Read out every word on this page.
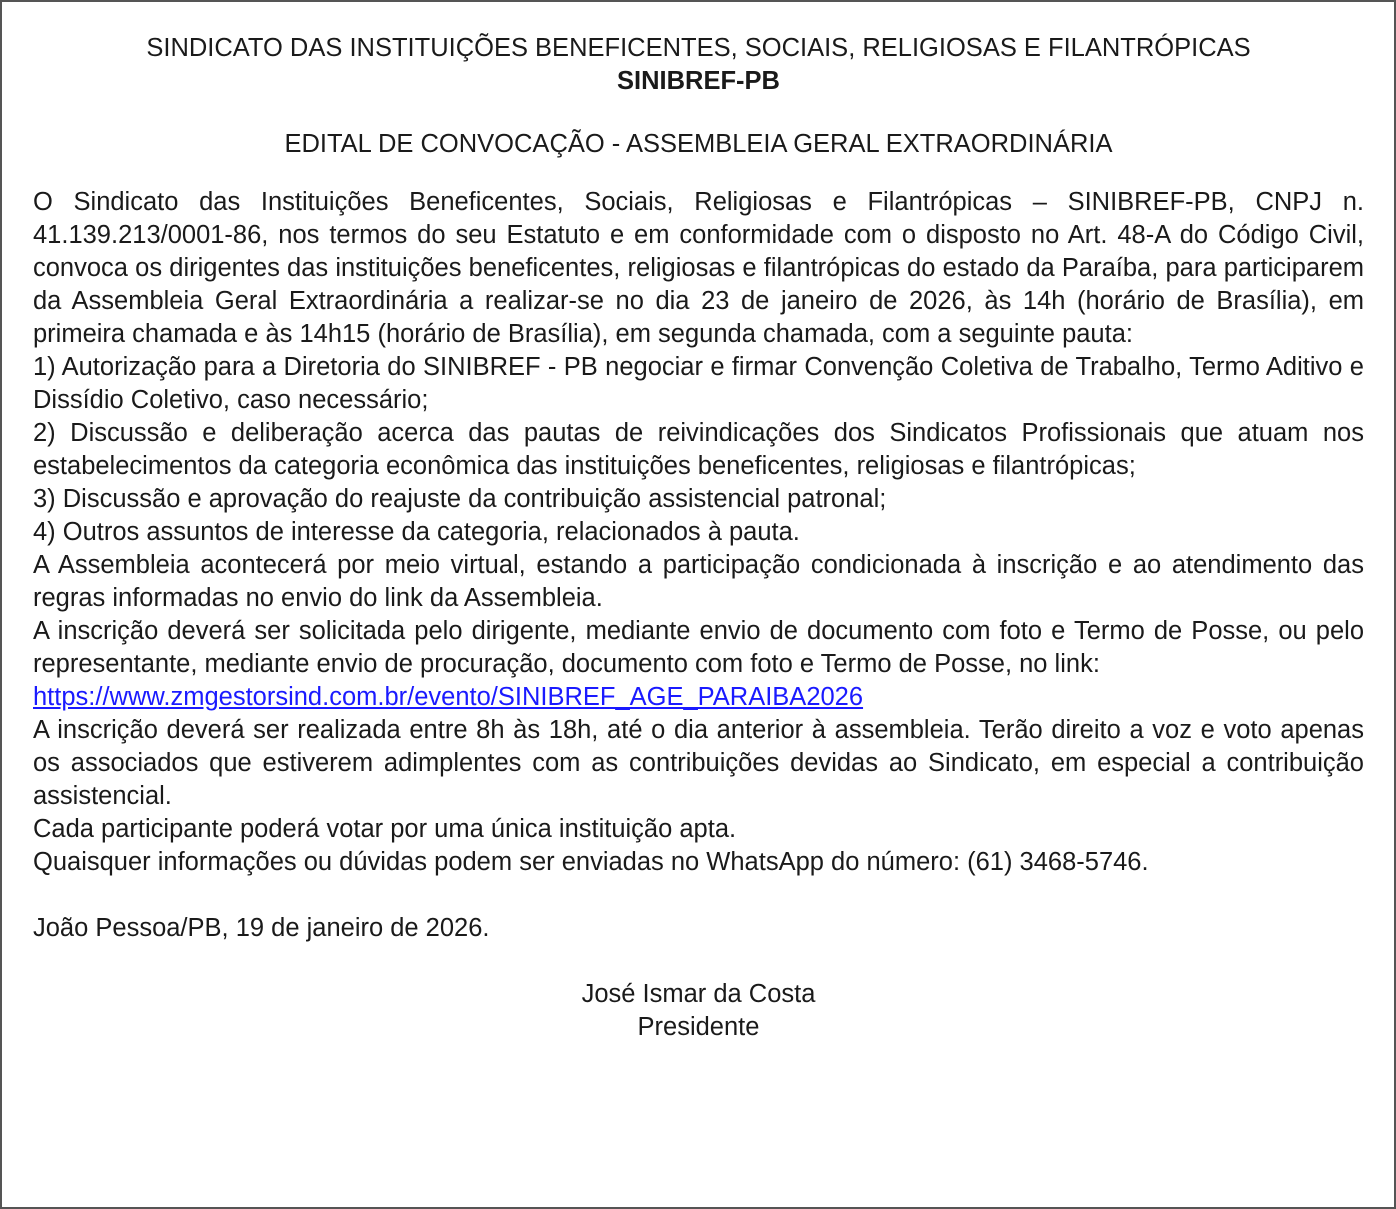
SINDICATO DAS INSTITUIÇÕES BENEFICENTES, SOCIAIS, RELIGIOSAS E FILANTRÓPICAS
SINIBREF-PB
EDITAL DE CONVOCAÇÃO - ASSEMBLEIA GERAL EXTRAORDINÁRIA

O Sindicato das Instituições Beneficentes, Sociais, Religiosas e Filantrópicas – SINIBREF-PB, CNPJ n. 41.139.213/0001-86, nos termos do seu Estatuto e em conformidade com o disposto no Art. 48-A do Código Civil, convoca os dirigentes das instituições beneficentes, religiosas e filantrópicas do estado da Paraíba, para participarem da Assembleia Geral Extraordinária a realizar-se no dia 23 de janeiro de 2026, às 14h (horário de Brasília), em primeira chamada e às 14h15 (horário de Brasília), em segunda chamada, com a seguinte pauta:

1) Autorização para a Diretoria do SINIBREF - PB negociar e firmar Convenção Coletiva de Trabalho, Termo Aditivo e Dissídio Coletivo, caso necessário;

2) Discussão e deliberação acerca das pautas de reivindicações dos Sindicatos Profissionais que atuam nos estabelecimentos da categoria econômica das instituições beneficentes, religiosas e filantrópicas;

3) Discussão e aprovação do reajuste da contribuição assistencial patronal;

4) Outros assuntos de interesse da categoria, relacionados à pauta.

A Assembleia acontecerá por meio virtual, estando a participação condicionada à inscrição e ao atendimento das regras informadas no envio do link da Assembleia.

A inscrição deverá ser solicitada pelo dirigente, mediante envio de documento com foto e Termo de Posse, ou pelo representante, mediante envio de procuração, documento com foto e Termo de Posse, no link:

https://www.zmgestorsind.com.br/evento/SINIBREF_AGE_PARAIBA2026

A inscrição deverá ser realizada entre 8h às 18h, até o dia anterior à assembleia. Terão direito a voz e voto apenas os associados que estiverem adimplentes com as contribuições devidas ao Sindicato, em especial a contribuição assistencial.

Cada participante poderá votar por uma única instituição apta.

Quaisquer informações ou dúvidas podem ser enviadas no WhatsApp do número: (61) 3468-5746.

João Pessoa/PB, 19 de janeiro de 2026.
José Ismar da Costa
Presidente
